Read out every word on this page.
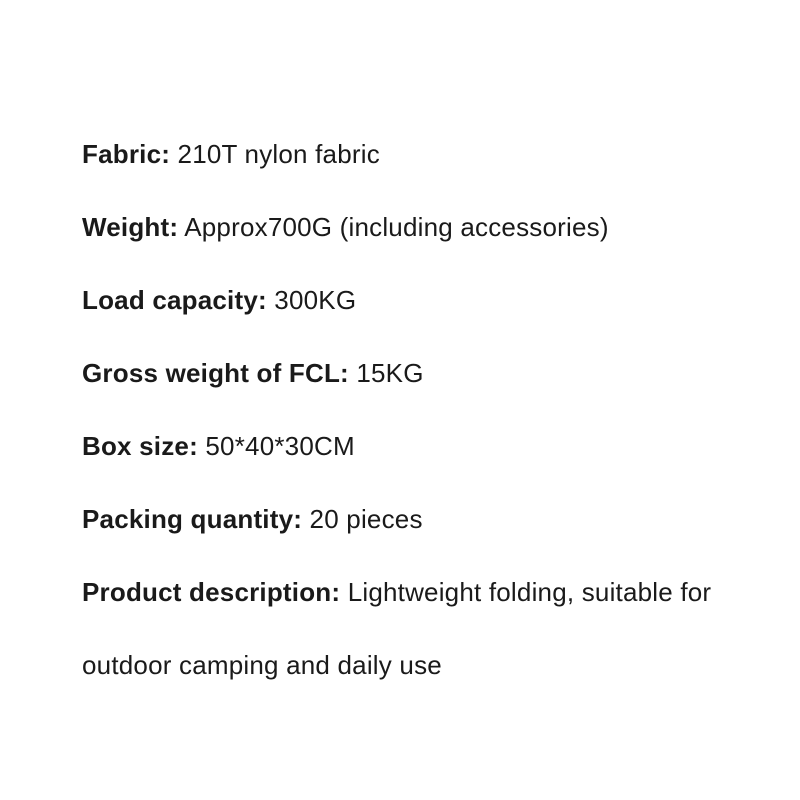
Fabric: 210T nylon fabric

Weight: Approx700G (including accessories)

Load capacity: 300KG

Gross weight of FCL: 15KG

Box size: 50*40*30CM

Packing quantity: 20 pieces

Product description: Lightweight folding, suitable for outdoor camping and daily use
